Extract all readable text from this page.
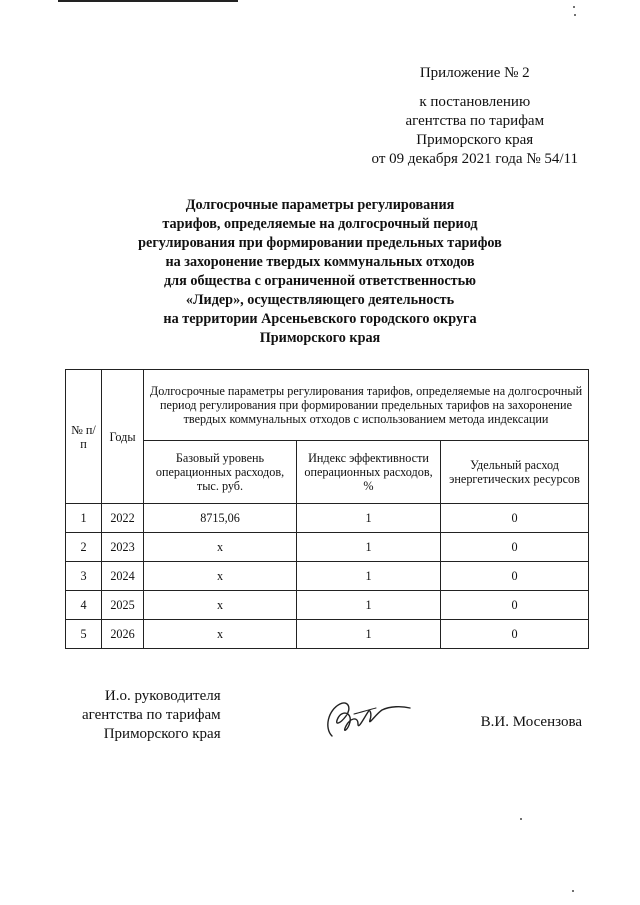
Приложение № 2
к постановлению
агентства по тарифам
Приморского края
от 09 декабря 2021 года № 54/11
Долгосрочные параметры регулирования
тарифов, определяемые на долгосрочный период
регулирования при формировании предельных тарифов
на захоронение твердых коммунальных отходов
для общества с ограниченной ответственностью
«Лидер», осуществляющего деятельность
на территории Арсеньевского городского округа
Приморского края
№ п/п	Годы	Долгосрочные параметры регулирования тарифов, определяемые на долгосрочный период регулирования при формировании предельных тарифов на захоронение твердых коммунальных отходов с использованием метода индексации		
		Базовый уровень операционных расходов, тыс. руб.	Индекс эффективности операционных расходов, %	Удельный расход энергетических ресурсов
1	2022	8715,06	1	0
2	2023	х	1	0
3	2024	х	1	0
4	2025	х	1	0
5	2026	х	1	0
И.о. руководителя
агентства по тарифам
Приморского края
В.И. Мосензова
